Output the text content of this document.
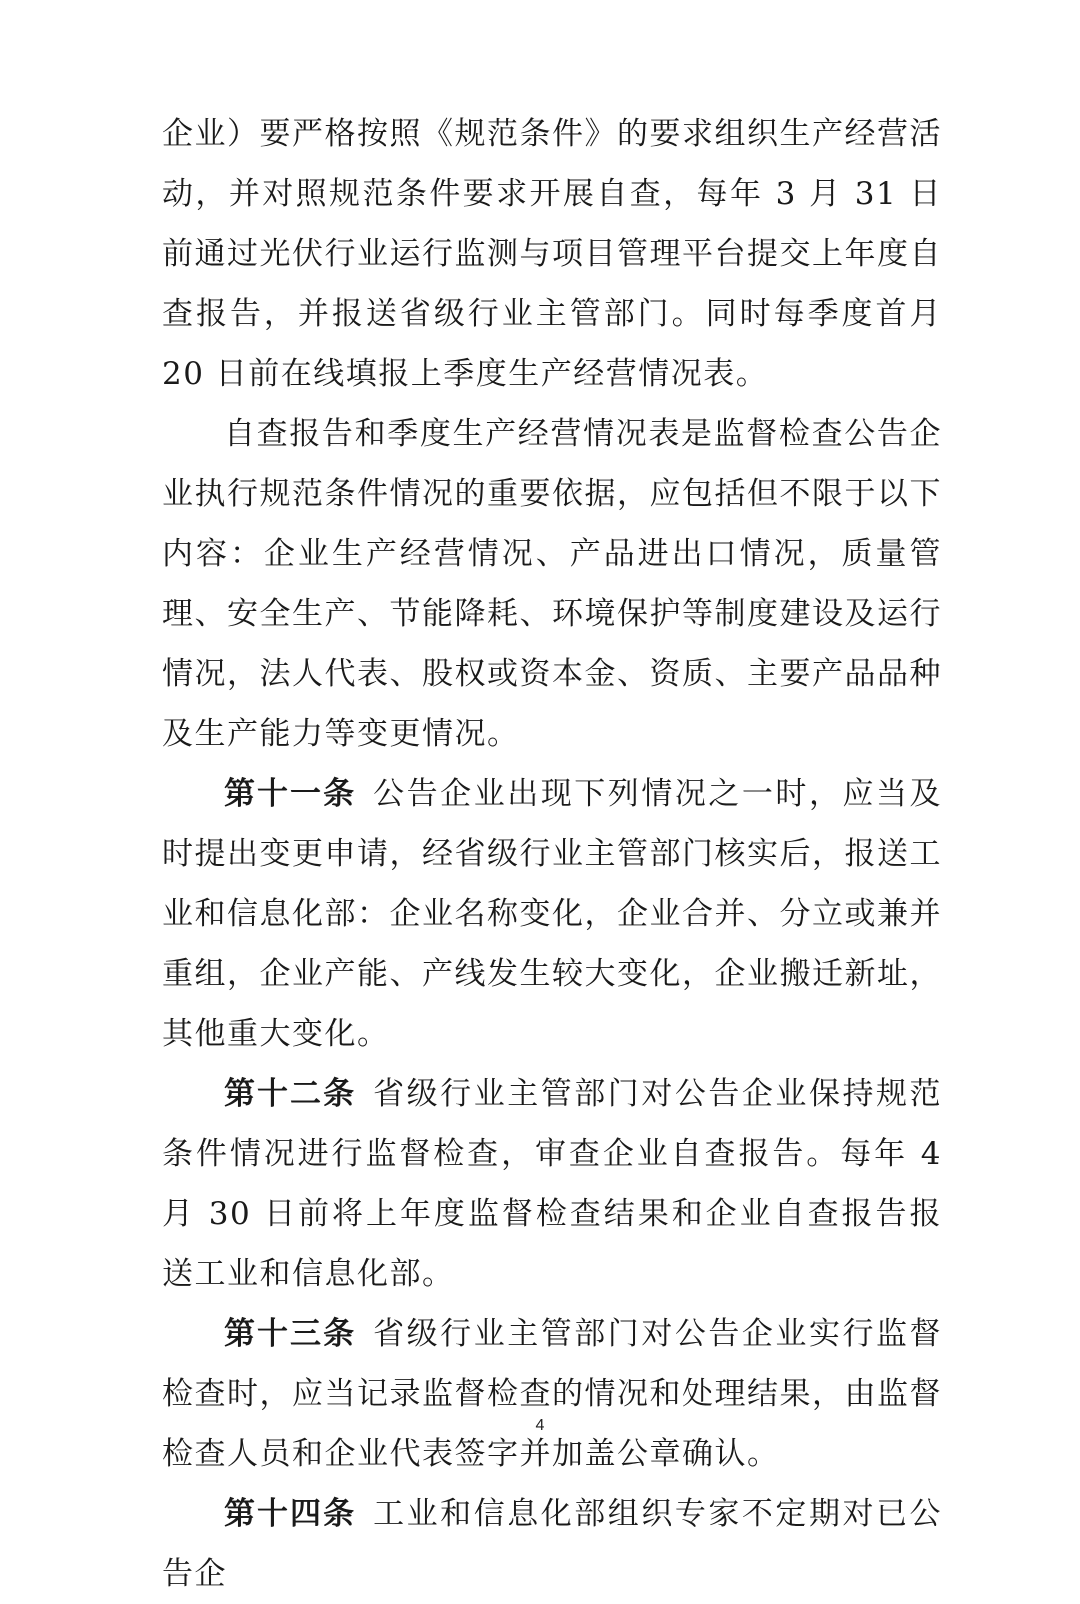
企业）要严格按照《规范条件》的要求组织生产经营活动，并对照规范条件要求开展自查，每年 3 月 31 日前通过光伏行业运行监测与项目管理平台提交上年度自查报告，并报送省级行业主管部门。同时每季度首月 20 日前在线填报上季度生产经营情况表。

自查报告和季度生产经营情况表是监督检查公告企业执行规范条件情况的重要依据，应包括但不限于以下内容：企业生产经营情况、产品进出口情况，质量管理、安全生产、节能降耗、环境保护等制度建设及运行情况，法人代表、股权或资本金、资质、主要产品品种及生产能力等变更情况。

第十一条 公告企业出现下列情况之一时，应当及时提出变更申请，经省级行业主管部门核实后，报送工业和信息化部：企业名称变化，企业合并、分立或兼并重组，企业产能、产线发生较大变化，企业搬迁新址，其他重大变化。

第十二条 省级行业主管部门对公告企业保持规范条件情况进行监督检查，审查企业自查报告。每年 4 月 30 日前将上年度监督检查结果和企业自查报告报送工业和信息化部。

第十三条 省级行业主管部门对公告企业实行监督检查时，应当记录监督检查的情况和处理结果，由监督检查人员和企业代表签字并加盖公章确认。

第十四条 工业和信息化部组织专家不定期对已公告企

4
